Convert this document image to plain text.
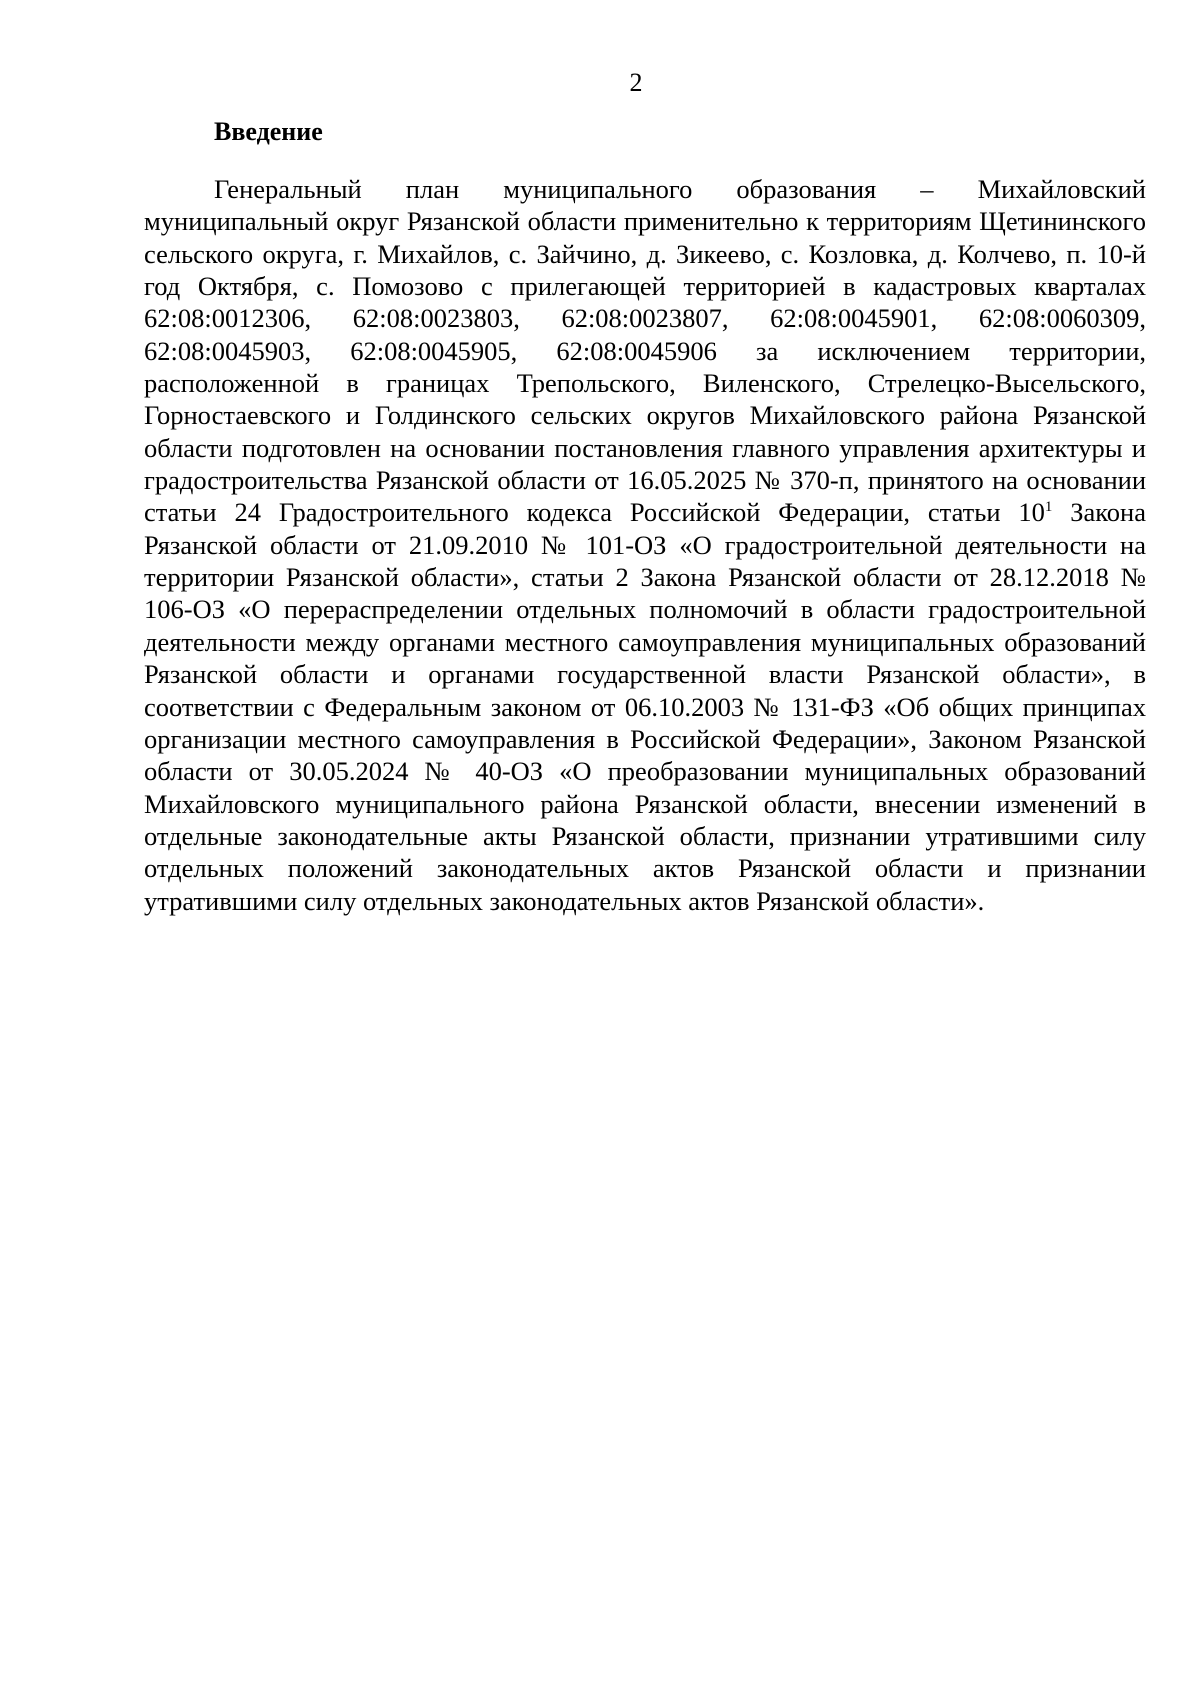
2
Введение

Генеральный план муниципального образования – Михайловский муниципальный округ Рязанской области применительно к территориям Щетининского сельского округа, г. Михайлов, с. Зайчино, д. Зикеево, с. Козловка, д. Колчево, п. 10-й год Октября, с. Помозово с прилегающей территорией в кадастровых кварталах 62:08:0012306, 62:08:0023803, 62:08:0023807, 62:08:0045901, 62:08:0060309, 62:08:0045903, 62:08:0045905, 62:08:0045906 за исключением территории, расположенной в границах Трепольского, Виленского, Стрелецко-Высельского, Горностаевского и Голдинского сельских округов Михайловского района Рязанской области подготовлен на основании постановления главного управления архитектуры и градостроительства Рязанской области от 16.05.2025 № 370-п, принятого на основании статьи 24 Градостроительного кодекса Российской Федерации, статьи $10^1$ Закона Рязанской области от 21.09.2010 № 101-ОЗ «О градостроительной деятельности на территории Рязанской области», статьи 2 Закона Рязанской области от 28.12.2018 № 106-ОЗ «О перераспределении отдельных полномочий в области градостроительной деятельности между органами местного самоуправления муниципальных образований Рязанской области и органами государственной власти Рязанской области», в соответствии с Федеральным законом от 06.10.2003 № 131-ФЗ «Об общих принципах организации местного самоуправления в Российской Федерации», Законом Рязанской области от 30.05.2024 № 40-ОЗ «О преобразовании муниципальных образований Михайловского муниципального района Рязанской области, внесении изменений в отдельные законодательные акты Рязанской области, признании утратившими силу отдельных положений законодательных актов Рязанской области и признании утратившими силу отдельных законодательных актов Рязанской области».
